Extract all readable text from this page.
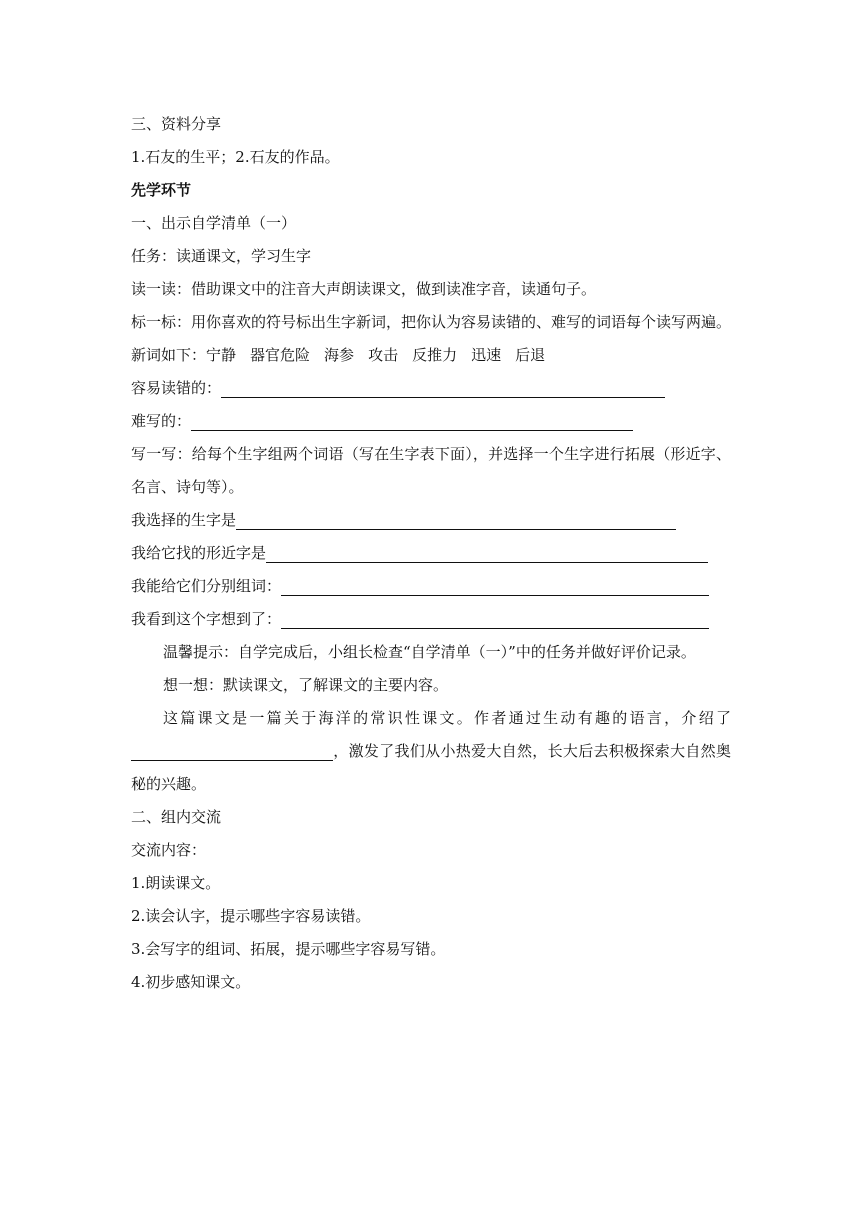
三、资料分享
1.石友的生平；2.石友的作品。
先学环节
一、出示自学清单（一）
任务：读通课文，学习生字
读一读：借助课文中的注音大声朗读课文，做到读准字音，读通句子。
标一标：用你喜欢的符号标出生字新词，把你认为容易读错的、难写的词语每个读写两遍。
新词如下：宁静 器官危险 海参 攻击 反推力 迅速 后退
容易读错的：
难写的：
写一写：给每个生字组两个词语（写在生字表下面），并选择一个生字进行拓展（形近字、名言、诗句等）。
我选择的生字是
我给它找的形近字是
我能给它们分别组词：
我看到这个字想到了：
温馨提示：自学完成后，小组长检查“自学清单（一）”中的任务并做好评价记录。
想一想：默读课文，了解课文的主要内容。
这篇课文是一篇关于海洋的常识性课文。作者通过生动有趣的语言，介绍了，激发了我们从小热爱大自然，长大后去积极探索大自然奥秘的兴趣。
二、组内交流
交流内容：
1.朗读课文。
2.读会认字，提示哪些字容易读错。
3.会写字的组词、拓展，提示哪些字容易写错。
4.初步感知课文。
